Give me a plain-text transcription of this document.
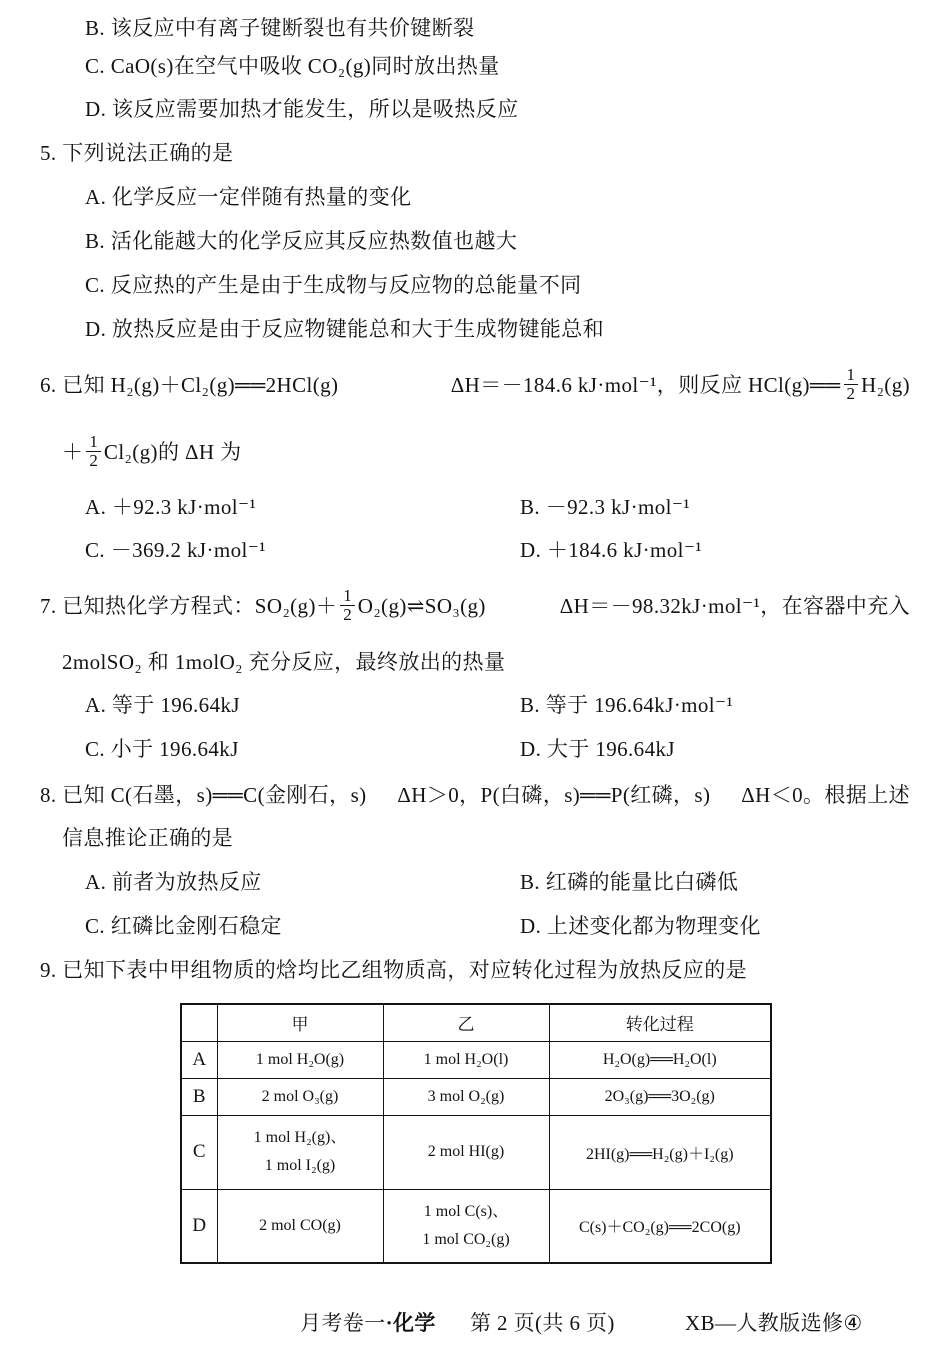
B. 该反应中有离子键断裂也有共价键断裂
C. CaO(s)在空气中吸收 CO₂(g)同时放出热量
D. 该反应需要加热才能发生，所以是吸热反应
5. 下列说法正确的是
A. 化学反应一定伴随有热量的变化
B. 活化能越大的化学反应其反应热数值也越大
C. 反应热的产生是由于生成物与反应物的总能量不同
D. 放热反应是由于反应物键能总和大于生成物键能总和
6. 已知 H₂(g)＋Cl₂(g)══2HCl(g)	ΔH＝－184.6 kJ·mol⁻¹，则反应 HCl(g)══ $\frac{1}{2} H_2(g)$
＋ $\frac{1}{2} Cl_2(g)$的 ΔH 为
A. ＋92.3 kJ·mol⁻¹	B. －92.3 kJ·mol⁻¹
C. －369.2 kJ·mol⁻¹	D. ＋184.6 kJ·mol⁻¹
7. 已知热化学方程式：$SO_2(g)+ \frac{1}{2}$ O₂(g)⇌SO₃(g)	ΔH＝－98.32kJ·mol⁻¹，在容器中充入
2molSO₂ 和 1molO₂ 充分反应，最终放出的热量
A. 等于 196.64kJ	B. 等于 196.64kJ·mol⁻¹
C. 小于 196.64kJ	D. 大于 196.64kJ
8. 已知 C(石墨，s)══C(金刚石，s) ΔH＞0，P(白磷，s)══P(红磷，s) ΔH＜0。根据上述
信息推论正确的是
A. 前者为放热反应	B. 红磷的能量比白磷低
C. 红磷比金刚石稳定	D. 上述变化都为物理变化
9. 已知下表中甲组物质的焓均比乙组物质高，对应转化过程为放热反应的是
	甲	乙	转化过程
A	1 mol H₂O(g)	1 mol H₂O(l)	H₂O(g)══H₂O(l)
B	2 mol O₃(g)	3 mol O₂(g)	2O₃(g)══3O₂(g)
C	1 mol H₂(g)、
1 mol I₂(g)	2 mol HI(g)	2HI(g)══H₂(g)＋I₂(g)
D	2 mol CO(g)	1 mol C(s)、
1 mol CO₂(g)	C(s)＋CO₂(g)══2CO(g)
月考卷一·化学 第 2 页(共 6 页)	XB—人教版选修④
